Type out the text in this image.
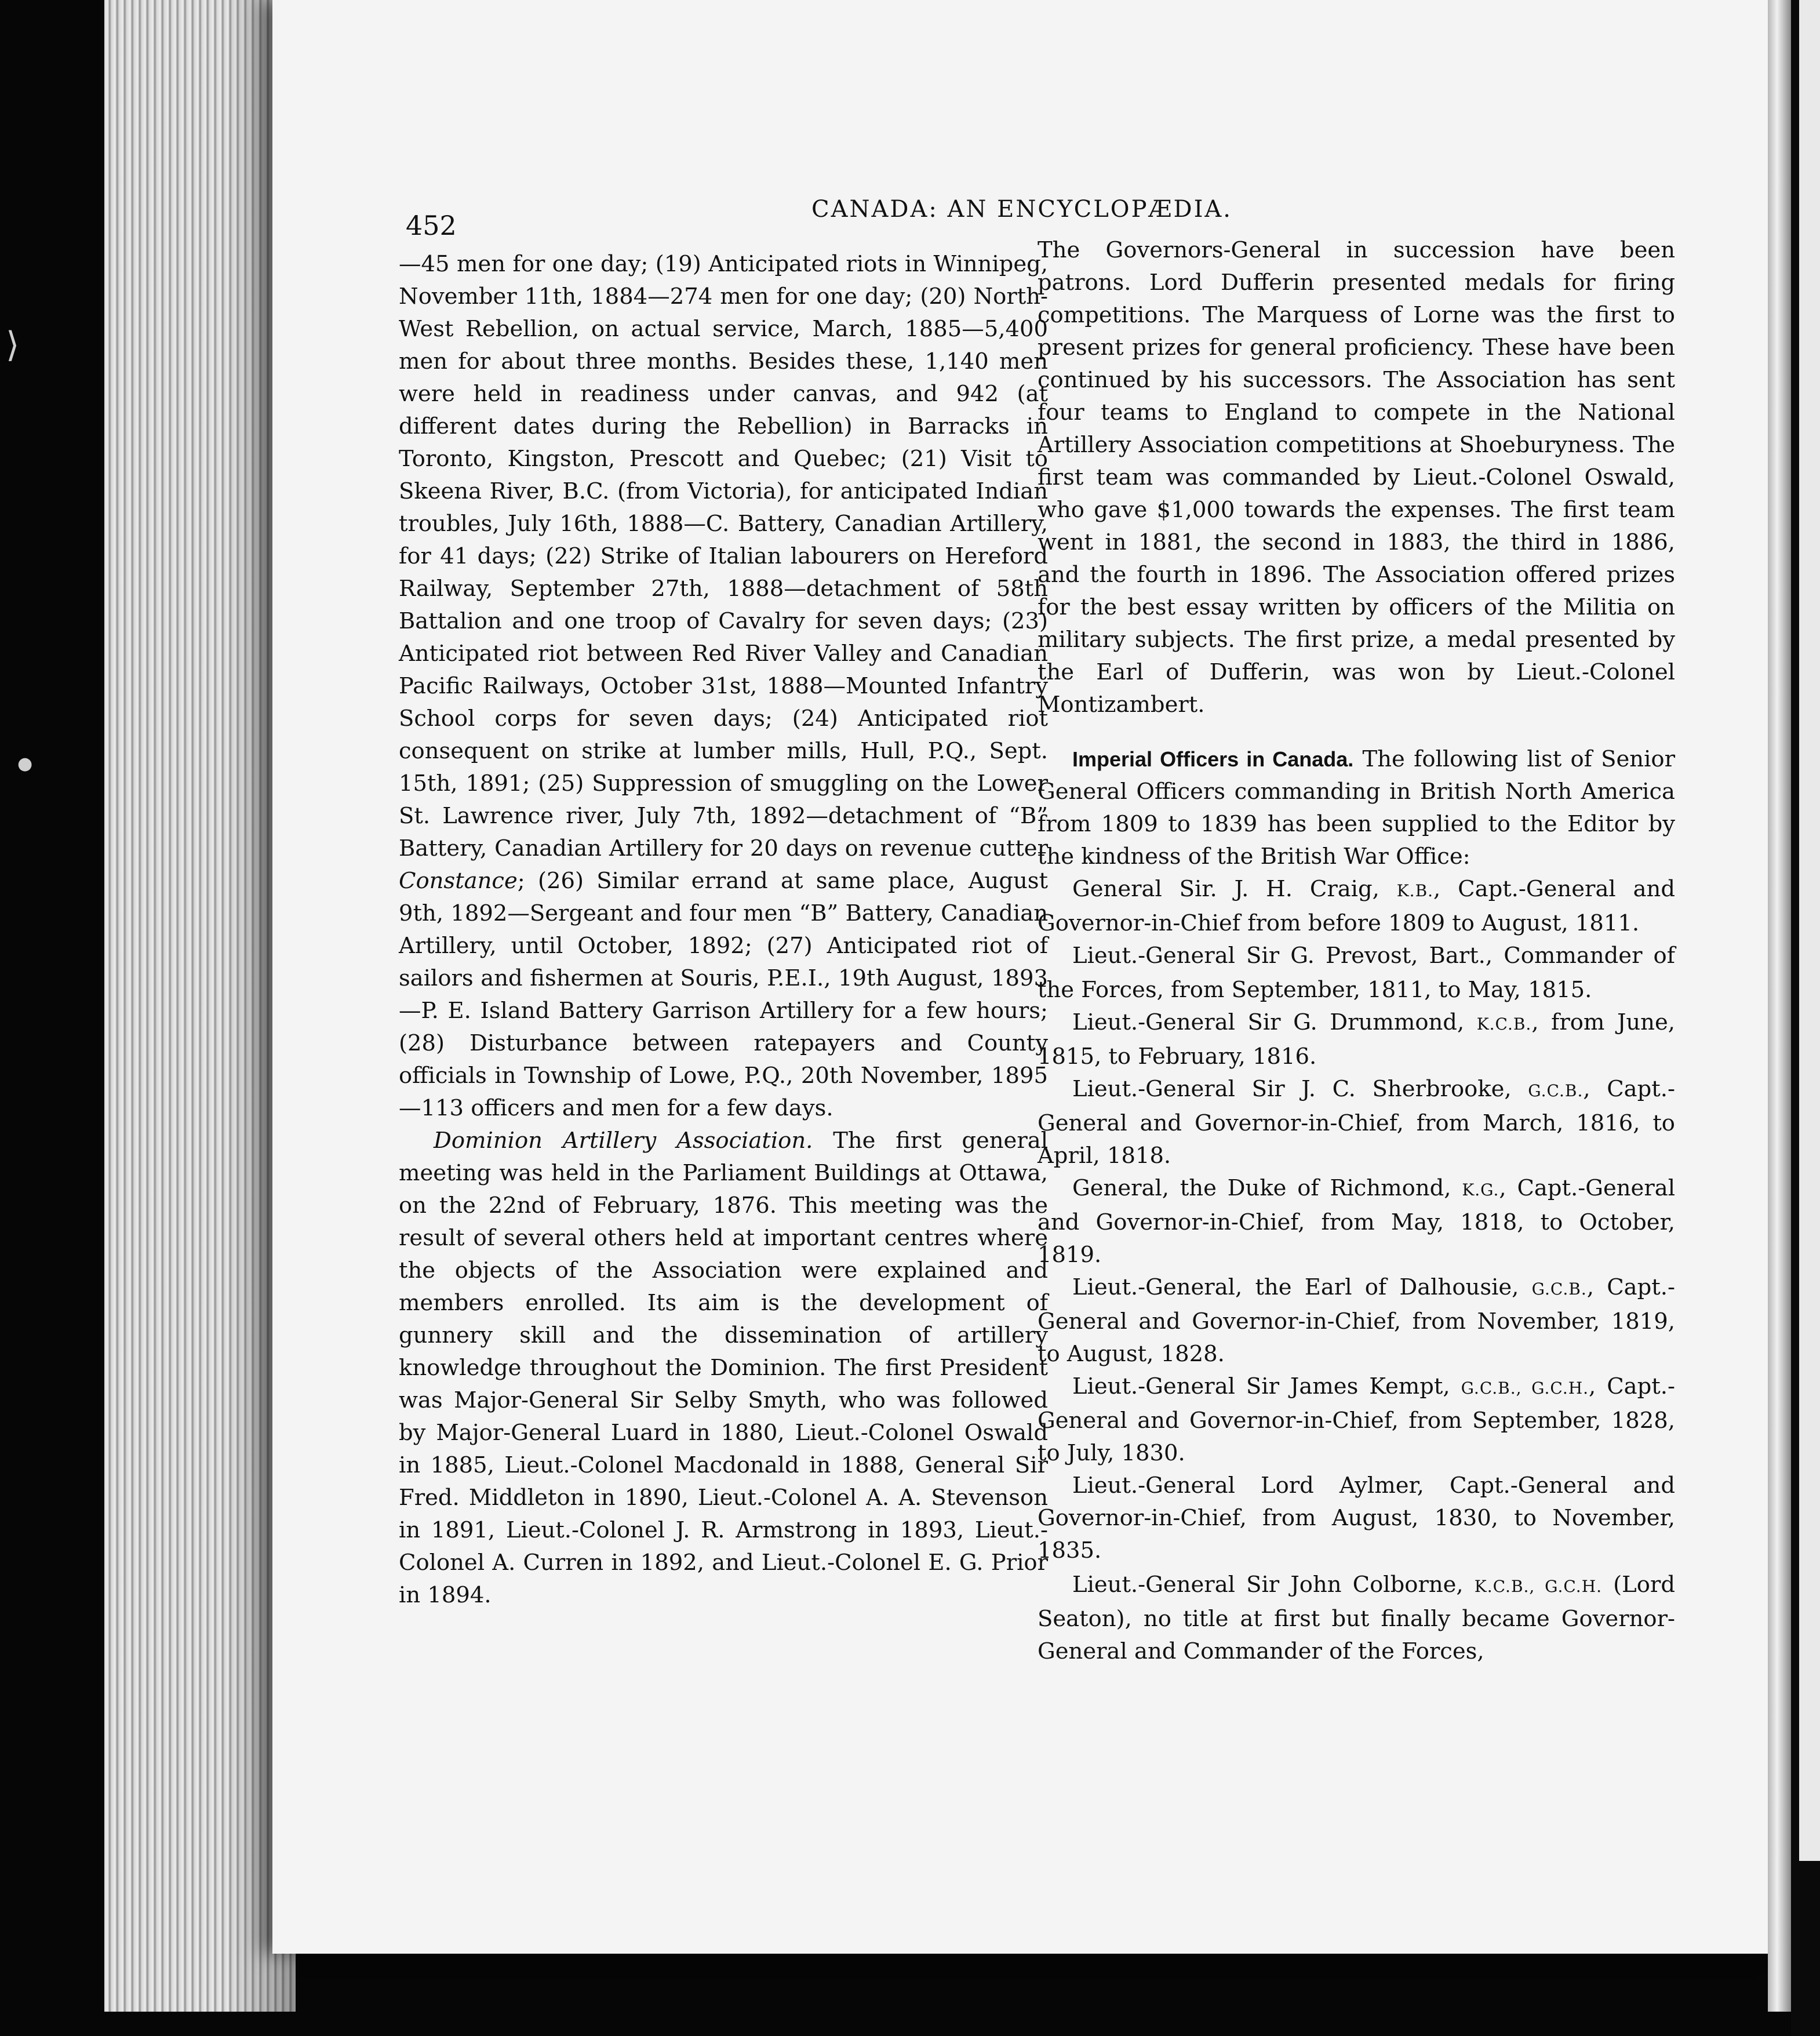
⟩
●
452
CANADA: AN ENCYCLOPÆDIA.

—45 men for one day; (19) Anticipated riots in Winnipeg, November 11th, 1884—274 men for one day; (20) North-West Rebellion, on actual service, March, 1885—5,400 men for about three months. Besides these, 1,140 men were held in readiness under canvas, and 942 (at different dates during the Rebellion) in Barracks in Toronto, Kingston, Prescott and Quebec; (21) Visit to Skeena River, B.C. (from Victoria), for anticipated Indian troubles, July 16th, 1888—C. Battery, Canadian Artillery, for 41 days; (22) Strike of Italian labourers on Hereford Railway, September 27th, 1888—detachment of 58th Battalion and one troop of Cavalry for seven days; (23) Anticipated riot between Red River Valley and Canadian Pacific Railways, October 31st, 1888—Mounted Infantry School corps for seven days; (24) Anticipated riot consequent on strike at lumber mills, Hull, P.Q., Sept. 15th, 1891; (25) Suppression of smuggling on the Lower St. Lawrence river, July 7th, 1892—detachment of “B” Battery, Canadian Artillery for 20 days on revenue cutter Constance; (26) Similar errand at same place, August 9th, 1892—Sergeant and four men “B” Battery, Canadian Artillery, until October, 1892; (27) Anticipated riot of sailors and fishermen at Souris, P.E.I., 19th August, 1893—P. E. Island Battery Garrison Artillery for a few hours; (28) Disturbance between ratepayers and County officials in Township of Lowe, P.Q., 20th November, 1895—113 officers and men for a few days.

Dominion Artillery Association. The first general meeting was held in the Parliament Buildings at Ottawa, on the 22nd of February, 1876. This meeting was the result of several others held at important centres where the objects of the Association were explained and members enrolled. Its aim is the development of gunnery skill and the dissemination of artillery knowledge throughout the Dominion. The first President was Major-General Sir Selby Smyth, who was followed by Major-General Luard in 1880, Lieut.-Colonel Oswald in 1885, Lieut.-Colonel Macdonald in 1888, General Sir Fred. Middleton in 1890, Lieut.-Colonel A. A. Stevenson in 1891, Lieut.-Colonel J. R. Armstrong in 1893, Lieut.-Colonel A. Curren in 1892, and Lieut.-Colonel E. G. Prior in 1894.

The Governors-General in succession have been patrons. Lord Dufferin presented medals for firing competitions. The Marquess of Lorne was the first to present prizes for general proficiency. These have been continued by his successors. The Association has sent four teams to England to compete in the National Artillery Association competitions at Shoeburyness. The first team was commanded by Lieut.-Colonel Oswald, who gave $1,000 towards the expenses. The first team went in 1881, the second in 1883, the third in 1886, and the fourth in 1896. The Association offered prizes for the best essay written by officers of the Militia on military subjects. The first prize, a medal presented by the Earl of Dufferin, was won by Lieut.-Colonel Montizambert.

Imperial Officers in Canada. The following list of Senior General Officers commanding in British North America from 1809 to 1839 has been supplied to the Editor by the kindness of the British War Office:

General Sir. J. H. Craig, K.B., Capt.-General and Governor-in-Chief from before 1809 to August, 1811.

Lieut.-General Sir G. Prevost, Bart., Commander of the Forces, from September, 1811, to May, 1815.

Lieut.-General Sir G. Drummond, K.C.B., from June, 1815, to February, 1816.

Lieut.-General Sir J. C. Sherbrooke, G.C.B., Capt.-General and Governor-in-Chief, from March, 1816, to April, 1818.

General, the Duke of Richmond, K.G., Capt.-General and Governor-in-Chief, from May, 1818, to October, 1819.

Lieut.-General, the Earl of Dalhousie, G.C.B., Capt.-General and Governor-in-Chief, from November, 1819, to August, 1828.

Lieut.-General Sir James Kempt, G.C.B., G.C.H., Capt.-General and Governor-in-Chief, from September, 1828, to July, 1830.

Lieut.-General Lord Aylmer, Capt.-General and Governor-in-Chief, from August, 1830, to November, 1835.

Lieut.-General Sir John Colborne, K.C.B., G.C.H. (Lord Seaton), no title at first but finally became Governor-General and Commander of the Forces,
